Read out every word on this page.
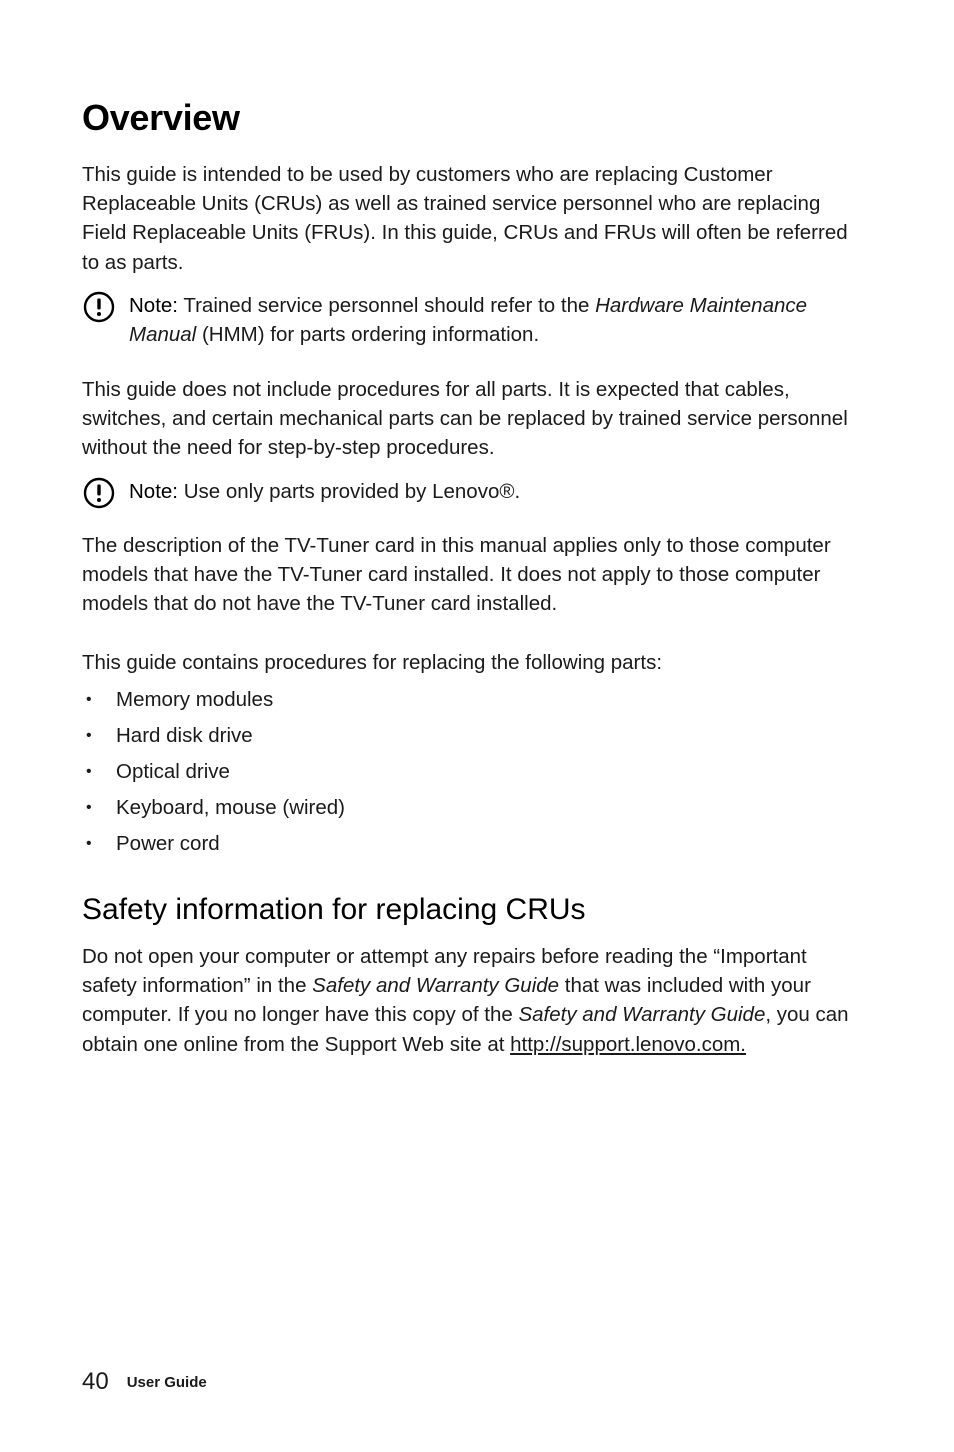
Overview

This guide is intended to be used by customers who are replacing Customer Replaceable Units (CRUs) as well as trained service personnel who are replacing Field Replaceable Units (FRUs). In this guide, CRUs and FRUs will often be referred to as parts.

Note: Trained service personnel should refer to the Hardware Maintenance Manual (HMM) for parts ordering information.

This guide does not include procedures for all parts. It is expected that cables, switches, and certain mechanical parts can be replaced by trained service personnel without the need for step-by-step procedures.

Note: Use only parts provided by Lenovo®.

The description of the TV-Tuner card in this manual applies only to those computer models that have the TV-Tuner card installed. It does not apply to those computer models that do not have the TV-Tuner card installed.

This guide contains procedures for replacing the following parts:

• Memory modules
• Hard disk drive
• Optical drive
• Keyboard, mouse (wired)
• Power cord
Safety information for replacing CRUs

Do not open your computer or attempt any repairs before reading the “Important safety information” in the Safety and Warranty Guide that was included with your computer. If you no longer have this copy of the Safety and Warranty Guide, you can obtain one online from the Support Web site at http://support.lenovo.com.

40 User Guide
